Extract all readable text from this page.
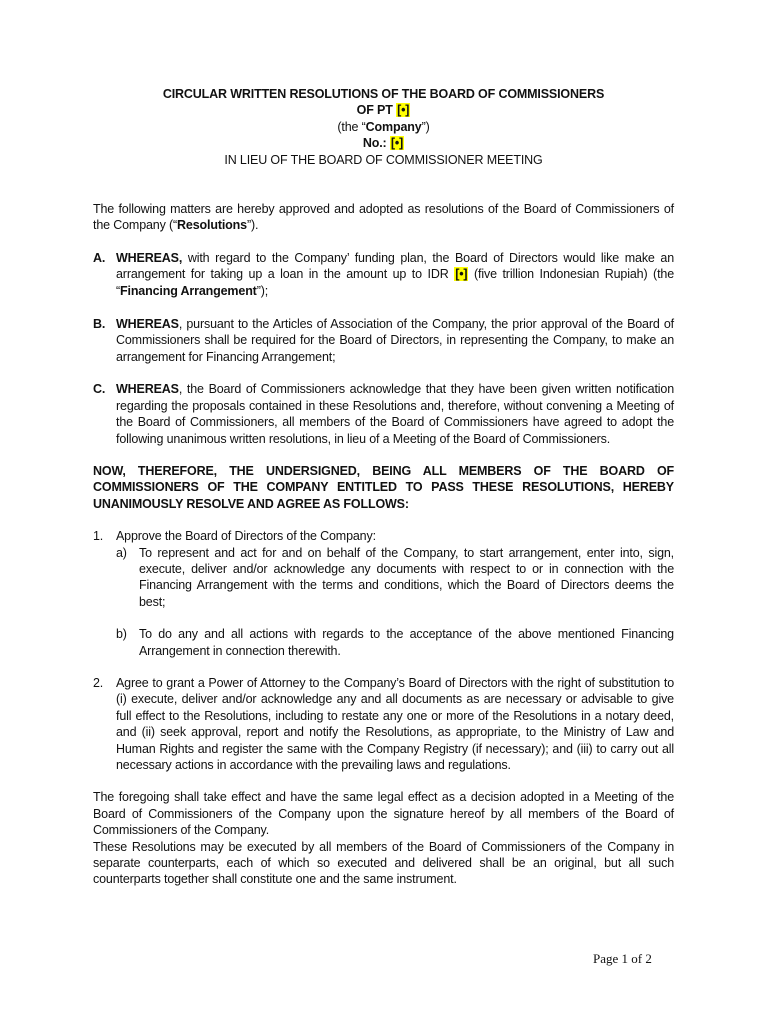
CIRCULAR WRITTEN RESOLUTIONS OF THE BOARD OF COMMISSIONERS
OF PT [•]
(the “Company”)
No.: [•]
IN LIEU OF THE BOARD OF COMMISSIONER MEETING
The following matters are hereby approved and adopted as resolutions of the Board of Commissioners of the Company (“Resolutions”).
A. WHEREAS, with regard to the Company’ funding plan, the Board of Directors would like make an arrangement for taking up a loan in the amount up to IDR [•] (five trillion Indonesian Rupiah) (the “Financing Arrangement”);
B. WHEREAS, pursuant to the Articles of Association of the Company, the prior approval of the Board of Commissioners shall be required for the Board of Directors, in representing the Company, to make an arrangement for Financing Arrangement;
C. WHEREAS, the Board of Commissioners acknowledge that they have been given written notification regarding the proposals contained in these Resolutions and, therefore, without convening a Meeting of the Board of Commissioners, all members of the Board of Commissioners have agreed to adopt the following unanimous written resolutions, in lieu of a Meeting of the Board of Commissioners.
NOW, THEREFORE, THE UNDERSIGNED, BEING ALL MEMBERS OF THE BOARD OF COMMISSIONERS OF THE COMPANY ENTITLED TO PASS THESE RESOLUTIONS, HEREBY UNANIMOUSLY RESOLVE AND AGREE AS FOLLOWS:
1. Approve the Board of Directors of the Company:
a) To represent and act for and on behalf of the Company, to start arrangement, enter into, sign, execute, deliver and/or acknowledge any documents with respect to or in connection with the Financing Arrangement with the terms and conditions, which the Board of Directors deems the best;
b) To do any and all actions with regards to the acceptance of the above mentioned Financing Arrangement in connection therewith.
2. Agree to grant a Power of Attorney to the Company’s Board of Directors with the right of substitution to (i) execute, deliver and/or acknowledge any and all documents as are necessary or advisable to give full effect to the Resolutions, including to restate any one or more of the Resolutions in a notary deed, and (ii) seek approval, report and notify the Resolutions, as appropriate, to the Ministry of Law and Human Rights and register the same with the Company Registry (if necessary); and (iii) to carry out all necessary actions in accordance with the prevailing laws and regulations.
The foregoing shall take effect and have the same legal effect as a decision adopted in a Meeting of the Board of Commissioners of the Company upon the signature hereof by all members of the Board of Commissioners of the Company.
These Resolutions may be executed by all members of the Board of Commissioners of the Company in separate counterparts, each of which so executed and delivered shall be an original, but all such counterparts together shall constitute one and the same instrument.
Page 1 of 2
